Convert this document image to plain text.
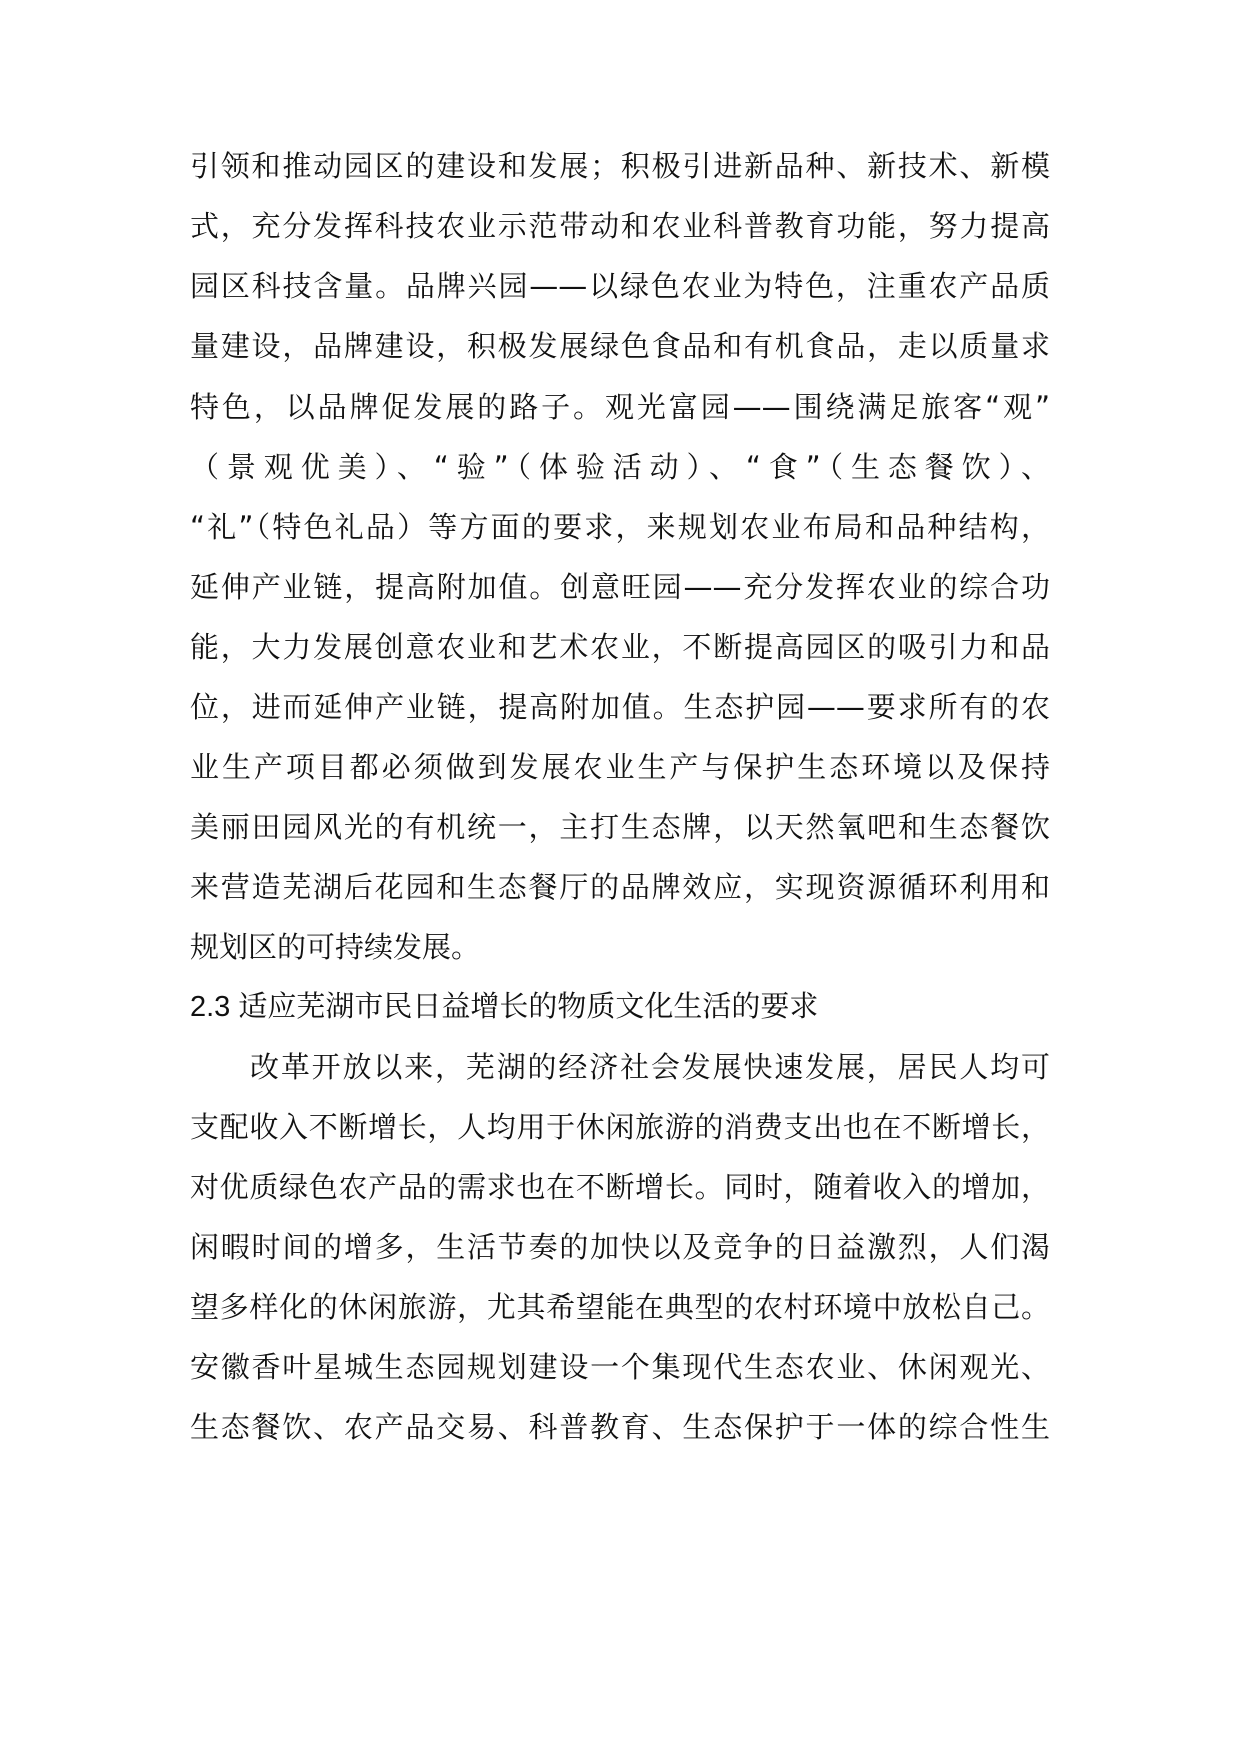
引领和推动园区的建设和发展；积极引进新品种、新技术、新模
式，充分发挥科技农业示范带动和农业科普教育功能，努力提高
园区科技含量。品牌兴园——以绿色农业为特色，注重农产品质
量建设，品牌建设，积极发展绿色食品和有机食品，走以质量求
特色，以品牌促发展的路子。观光富园——围绕满足旅客“观”
（景观优美）、“验”（体验活动）、“食”（生态餐饮）、
“礼”（特色礼品）等方面的要求，来规划农业布局和品种结构，
延伸产业链，提高附加值。创意旺园——充分发挥农业的综合功
能，大力发展创意农业和艺术农业，不断提高园区的吸引力和品
位，进而延伸产业链，提高附加值。生态护园——要求所有的农
业生产项目都必须做到发展农业生产与保护生态环境以及保持
美丽田园风光的有机统一，主打生态牌，以天然氧吧和生态餐饮
来营造芜湖后花园和生态餐厅的品牌效应，实现资源循环利用和
规划区的可持续发展。
2.3 适应芜湖市民日益增长的物质文化生活的要求
改革开放以来，芜湖的经济社会发展快速发展，居民人均可
支配收入不断增长，人均用于休闲旅游的消费支出也在不断增长，
对优质绿色农产品的需求也在不断增长。同时，随着收入的增加，
闲暇时间的增多，生活节奏的加快以及竞争的日益激烈，人们渴
望多样化的休闲旅游，尤其希望能在典型的农村环境中放松自己。
安徽香叶星城生态园规划建设一个集现代生态农业、休闲观光、
生态餐饮、农产品交易、科普教育、生态保护于一体的综合性生
